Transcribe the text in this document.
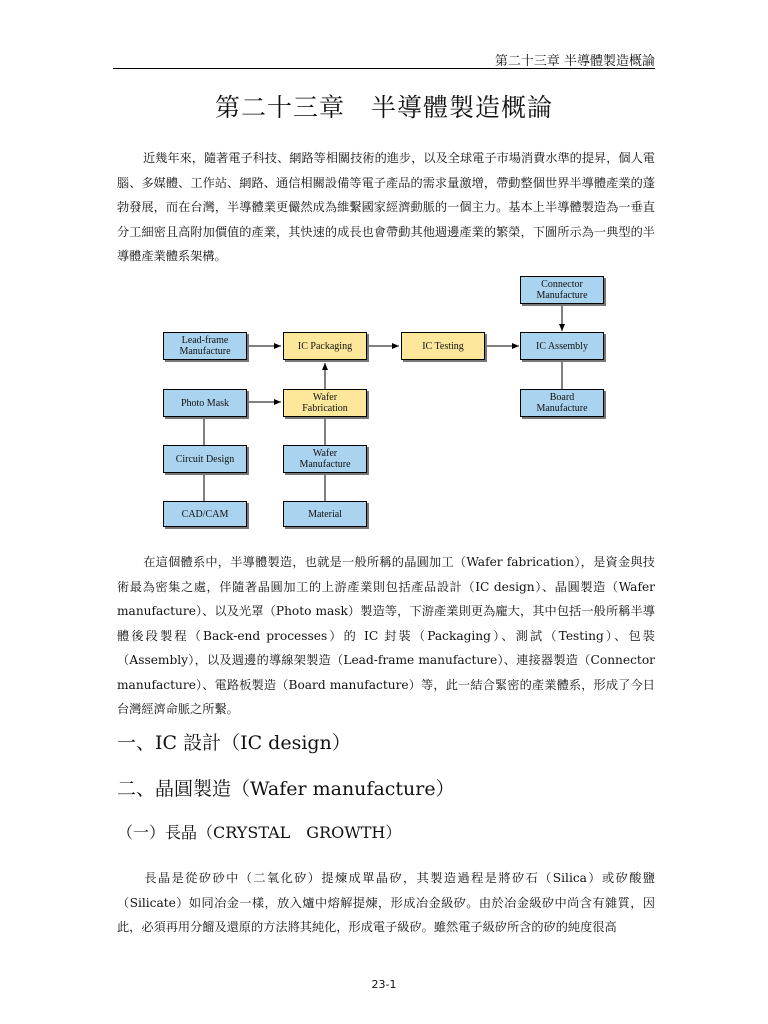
第二十三章 半導體製造概論
第二十三章　半導體製造概論

近幾年來，隨著電子科技、網路等相關技術的進步，以及全球電子市場消費水準的提昇，個人電腦、多媒體、工作站、網路、通信相關設備等電子產品的需求量激增，帶動整個世界半導體產業的蓬勃發展，而在台灣，半導體業更儼然成為維繫國家經濟動脈的一個主力。基本上半導體製造為一垂直分工細密且高附加價值的產業，其快速的成長也會帶動其他週邊產業的繁榮，下圖所示為一典型的半導體產業體系架構。

Connector
Manufacture
Lead-frame
Manufacture	IC Packaging	IC Testing	IC Assembly
Photo Mask	Wafer
Fabrication
Board
Manufacture
Circuit Design	Wafer
Manufacture
CAD/CAM	Material

在這個體系中，半導體製造，也就是一般所稱的晶圓加工（Wafer fabrication），是資金與技術最為密集之處，伴隨著晶圓加工的上游產業則包括產品設計（IC design）、晶圓製造（Wafer manufacture）、以及光罩（Photo mask）製造等，下游產業則更為龐大，其中包括一般所稱半導體後段製程（Back-end processes）的 IC 封裝（Packaging）、測試（Testing）、包裝（Assembly），以及週邊的導線架製造（Lead-frame manufacture）、連接器製造（Connector manufacture）、電路板製造（Board manufacture）等，此一結合緊密的產業體系，形成了今日台灣經濟命脈之所繫。

一、IC 設計（IC design）
二、晶圓製造（Wafer manufacture）
（一）長晶（CRYSTAL　GROWTH）

長晶是從矽砂中（二氧化矽）提煉成單晶矽，其製造過程是將矽石（Silica）或矽酸鹽　（Silicate）如同冶金一樣，放入爐中熔解提煉，形成冶金級矽。由於冶金級矽中尚含有雜質，因此，必須再用分餾及還原的方法將其純化，形成電子級矽。雖然電子級矽所含的矽的純度很高

23-1
